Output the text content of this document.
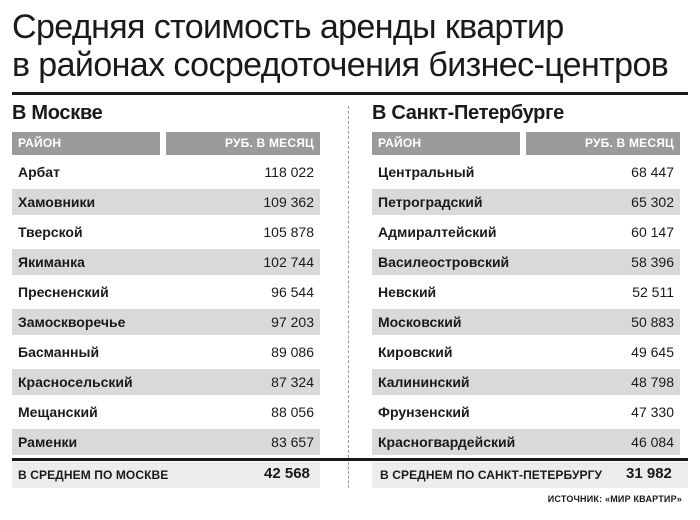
Средняя стоимость аренды квартир
в районах сосредоточения бизнес-центров
В Москве
РАЙОН	РУБ. В МЕСЯЦ
Арбат	118 022
Хамовники	109 362
Тверской	105 878
Якиманка	102 744
Пресненский	96 544
Замоскворечье	97 203
Басманный	89 086
Красносельский	87 324
Мещанский	88 056
Раменки	83 657
В Санкт-Петербурге
РАЙОН	РУБ. В МЕСЯЦ
Центральный	68 447
Петроградский	65 302
Адмиралтейский	60 147
Василеостровский	58 396
Невский	52 511
Московский	50 883
Кировский	49 645
Калининский	48 798
Фрунзенский	47 330
Красногвардейский	46 084
В СРЕДНЕМ ПО МОСКВЕ	42 568	В СРЕДНЕМ ПО САНКТ-ПЕТЕРБУРГУ 31 982
ИСТОЧНИК: «МИР КВАРТИР»
